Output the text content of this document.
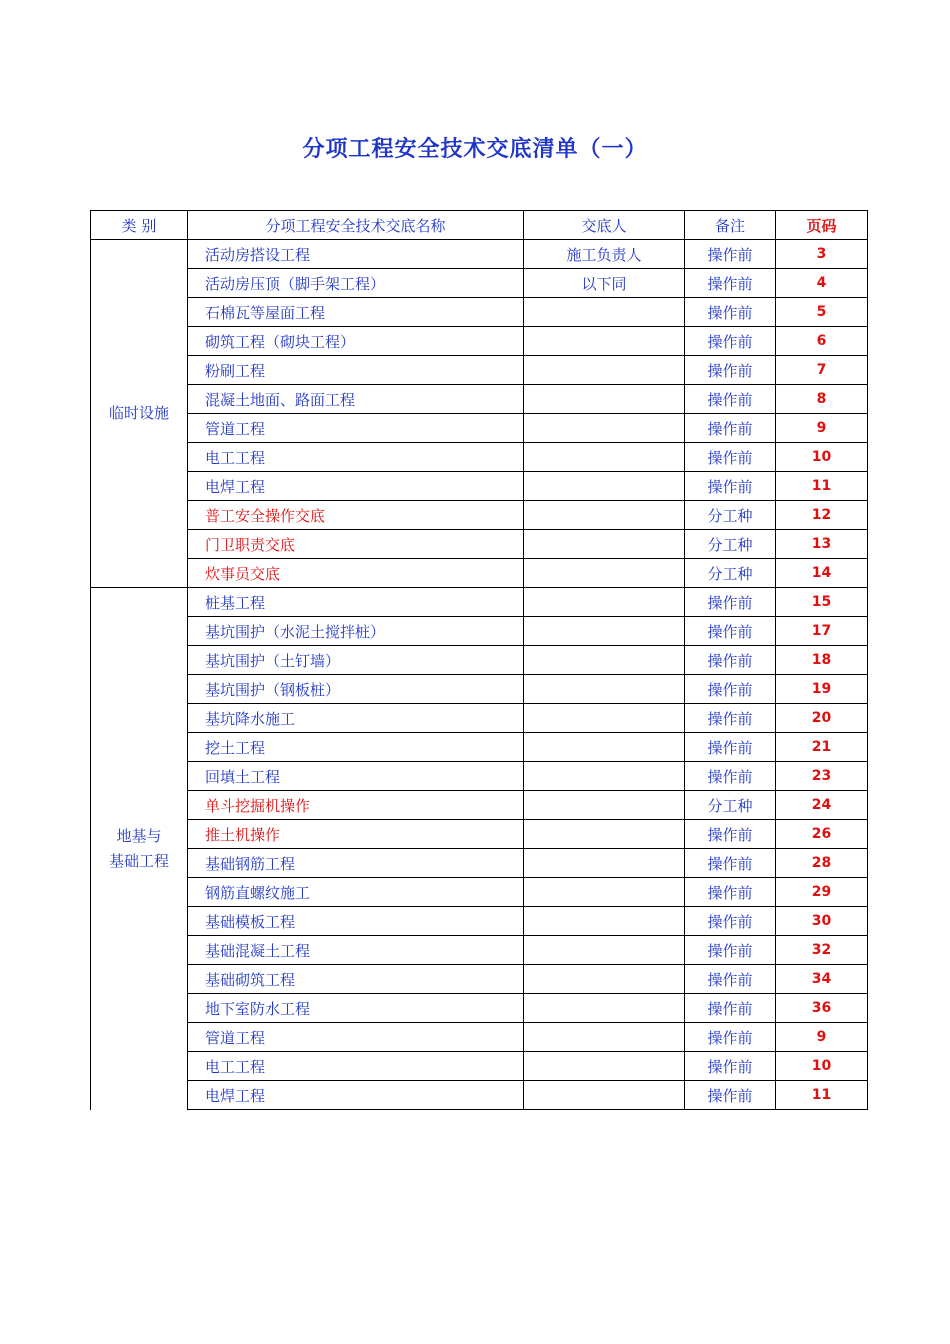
分项工程安全技术交底清单（一）
类 别	分项工程安全技术交底名称	交底人	备注	页码

临时设施	活动房搭设工程	施工负责人	操作前	3
	活动房压顶（脚手架工程）	以下同	操作前	4
	石棉瓦等屋面工程		操作前	5
	砌筑工程（砌块工程）		操作前	6
	粉刷工程		操作前	7
	混凝土地面、路面工程		操作前	8
	管道工程		操作前	9
	电工工程		操作前	10
	电焊工程		操作前	11
	普工安全操作交底		分工种	12
	门卫职责交底		分工种	13
	炊事员交底		分工种	14

地基与
基础工程	桩基工程		操作前	15
	基坑围护（水泥土搅拌桩）		操作前	17
	基坑围护（土钉墙）		操作前	18
	基坑围护（钢板桩）		操作前	19
	基坑降水施工		操作前	20
	挖土工程		操作前	21
	回填土工程		操作前	23
	单斗挖掘机操作		分工种	24
	推土机操作		操作前	26
	基础钢筋工程		操作前	28
	钢筋直螺纹施工		操作前	29
	基础模板工程		操作前	30
	基础混凝土工程		操作前	32
	基础砌筑工程		操作前	34
	地下室防水工程		操作前	36
	管道工程		操作前	9
	电工工程		操作前	10
	电焊工程		操作前	11
